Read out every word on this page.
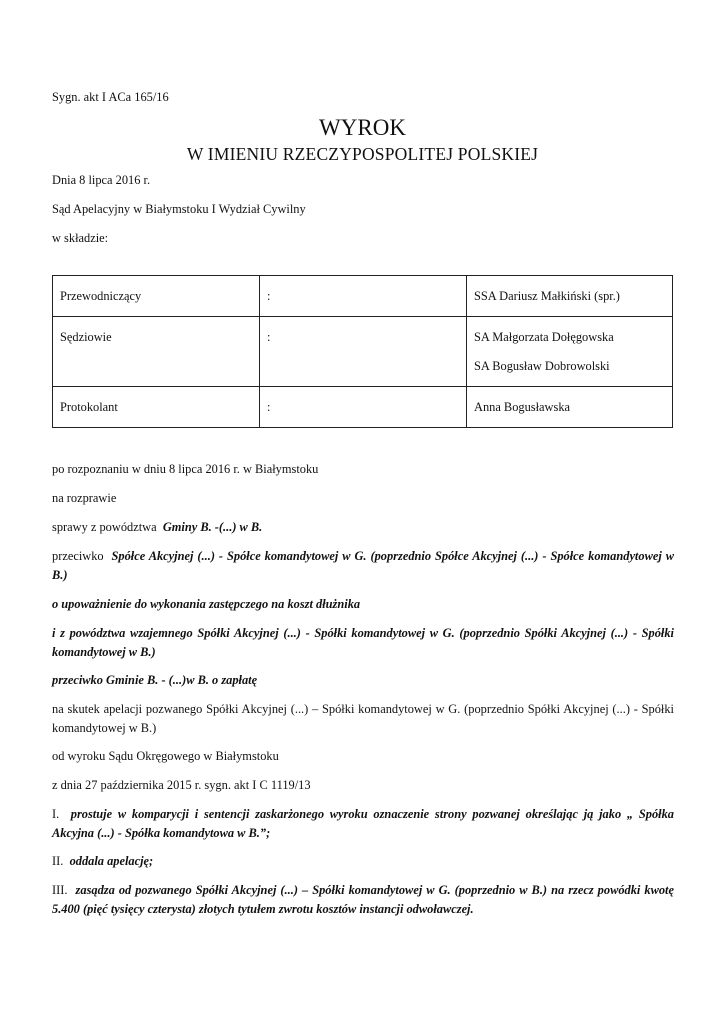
Sygn. akt I ACa 165/16
WYROK
W IMIENIU RZECZYPOSPOLITEJ POLSKIEJ
Dnia 8 lipca 2016 r.
Sąd Apelacyjny w Białymstoku I Wydział Cywilny
w składzie:
Przewodniczący	:	SSA Dariusz Małkiński (spr.)

Sędziowie	:	SA Małgorzata Dołęgowska
SA Bogusław Dobrowolski

Protokolant	:	Anna Bogusławska

po rozpoznaniu w dniu 8 lipca 2016 r. w Białymstoku

na rozprawie

sprawy z powództwa Gminy B. -(...) w B.

przeciwko Spółce Akcyjnej (...) - Spółce komandytowej w G. (poprzednio Spółce Akcyjnej (...) - Spółce komandytowej w B.)

o upoważnienie do wykonania zastępczego na koszt dłużnika

i z powództwa wzajemnego Spółki Akcyjnej (...) - Spółki komandytowej w G. (poprzednio Spółki Akcyjnej (...) - Spółki komandytowej w B.)

przeciwko Gminie B. - (...)w B. o zapłatę

na skutek apelacji pozwanego Spółki Akcyjnej (...) – Spółki komandytowej w G. (poprzednio Spółki Akcyjnej (...) - Spółki komandytowej w B.)

od wyroku Sądu Okręgowego w Białymstoku

z dnia 27 października 2015 r. sygn. akt I C 1119/13

I. prostuje w komparycji i sentencji zaskarżonego wyroku oznaczenie strony pozwanej określając ją jako „ Spółka Akcyjna (...) - Spółka komandytowa w B.”;

II. oddala apelację;

III. zasądza od pozwanego Spółki Akcyjnej (...) – Spółki komandytowej w G. (poprzednio w B.) na rzecz powódki kwotę 5.400 (pięć tysięcy czterysta) złotych tytułem zwrotu kosztów instancji odwoławczej.
